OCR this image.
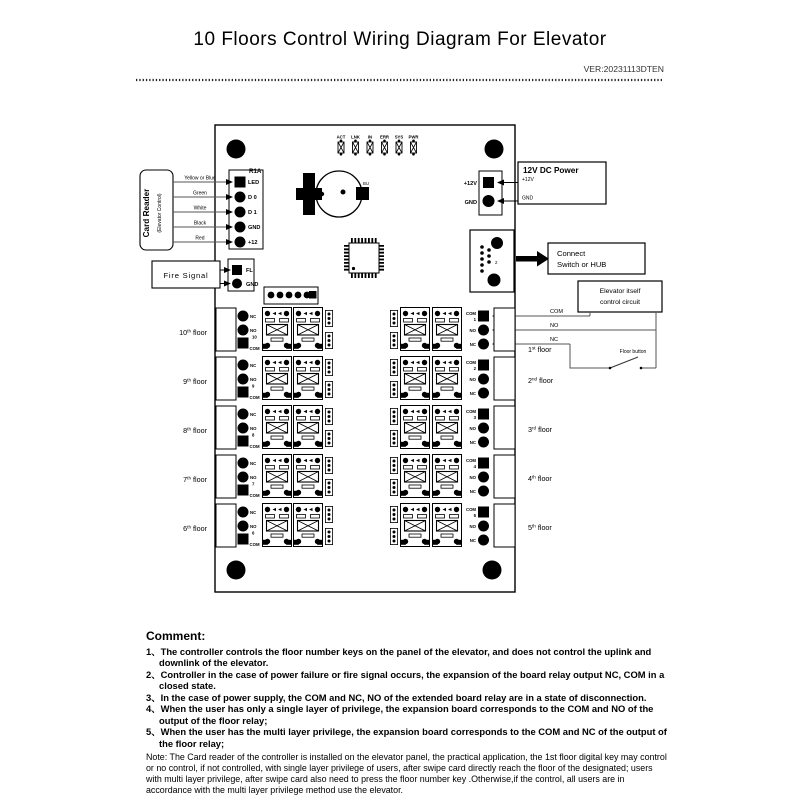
10 Floors Control Wiring Diagram For Elevator
VER:20231113DTEN
ACT LNK IN ERR SYS PWR
R1A
LED
D 0
D 1
GND
+12
Card Reader (Elevator Control)
Yellow or Blue
Green
White
Black
Red
Fire Signal	FL
GND
BU	+12V
GND
12V DC Power
+12V
GND
2
Connect
Switch or HUB
Elevator itself
control circuit
COM
NO
NC
Floor button
NC
NO
10
COM
10th floor
COM
1
NO
NC
1st floor
NC
NO
9
COM
9th floor
COM
2
NO
NC
2nd floor
NC
NO
8
COM
8th floor
COM
3
NO
NC
3rd floor
NC
NO
7
COM
7th floor
COM
4
NO
NC
4th floor
NC
NO
6
COM
6th floor
COM
5
NO
NC
5th floor
Comment:
1、The controller controls the floor number keys on the panel of the elevator, and does not control the uplink and downlink of the elevator.
2、Controller in the case of power failure or fire signal occurs, the expansion of the board relay output NC, COM in a closed state.
3、In the case of power supply, the COM and NC, NO of the extended board relay are in a state of disconnection.
4、When the user has only a single layer of privilege, the expansion board corresponds to the COM and NO of the output of the floor relay;
5、When the user has the multi layer privilege, the expansion board corresponds to the COM and NC of the output of the floor relay;
Note: The Card reader of the controller is installed on the elevator panel, the practical application, the 1st floor digital key may control or no control, if not controlled, with single layer privilege of users, after swipe card directly reach the floor of the designated; users with multi layer privilege, after swipe card also need to press the floor number key .Otherwise,if the control, all users are in accordance with the multi layer privilege method use the elevator.
